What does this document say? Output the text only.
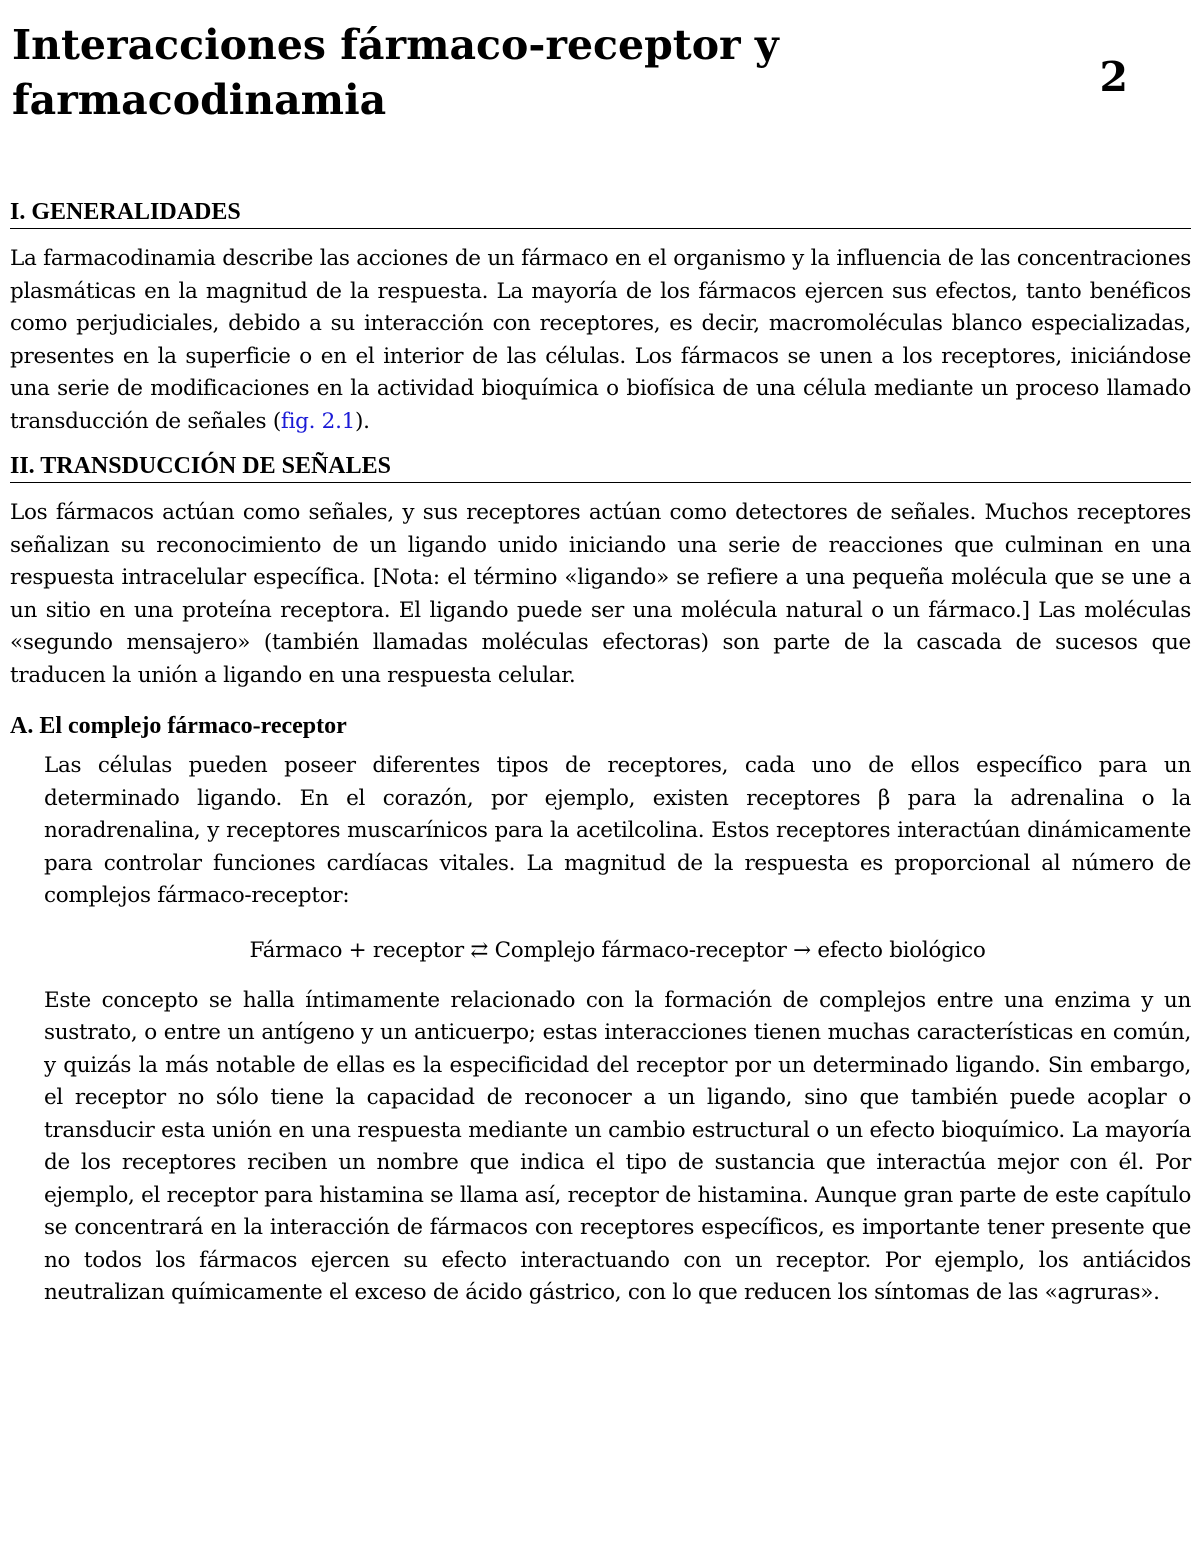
Interacciones fármaco-receptor y farmacodinamia	2
I. GENERALIDADES

La farmacodinamia describe las acciones de un fármaco en el organismo y la influencia de las concentraciones plasmáticas en la magnitud de la respuesta. La mayoría de los fármacos ejercen sus efectos, tanto benéficos como perjudiciales, debido a su interacción con receptores, es decir, macromoléculas blanco especializadas, presentes en la superficie o en el interior de las células. Los fármacos se unen a los receptores, iniciándose una serie de modificaciones en la actividad bioquímica o biofísica de una célula mediante un proceso llamado transducción de señales (fig. 2.1).

II. TRANSDUCCIÓN DE SEÑALES

Los fármacos actúan como señales, y sus receptores actúan como detectores de señales. Muchos receptores señalizan su reconocimiento de un ligando unido iniciando una serie de reacciones que culminan en una respuesta intracelular específica. [Nota: el término «ligando» se refiere a una pequeña molécula que se une a un sitio en una proteína receptora. El ligando puede ser una molécula natural o un fármaco.] Las moléculas «segundo mensajero» (también llamadas moléculas efectoras) son parte de la cascada de sucesos que traducen la unión a ligando en una respuesta celular.

A. El complejo fármaco-receptor

Las células pueden poseer diferentes tipos de receptores, cada uno de ellos específico para un determinado ligando. En el corazón, por ejemplo, existen receptores β para la adrenalina o la noradrenalina, y receptores muscarínicos para la acetilcolina. Estos receptores interactúan dinámicamente para controlar funciones cardíacas vitales. La magnitud de la respuesta es proporcional al número de complejos fármaco-receptor:

Fármaco + receptor ⇄ Complejo fármaco-receptor → efecto biológico

Este concepto se halla íntimamente relacionado con la formación de complejos entre una enzima y un sustrato, o entre un antígeno y un anticuerpo; estas interacciones tienen muchas características en común, y quizás la más notable de ellas es la especificidad del receptor por un determinado ligando. Sin embargo, el receptor no sólo tiene la capacidad de reconocer a un ligando, sino que también puede acoplar o transducir esta unión en una respuesta mediante un cambio estructural o un efecto bioquímico. La mayoría de los receptores reciben un nombre que indica el tipo de sustancia que interactúa mejor con él. Por ejemplo, el receptor para histamina se llama así, receptor de histamina. Aunque gran parte de este capítulo se concentrará en la interacción de fármacos con receptores específicos, es importante tener presente que no todos los fármacos ejercen su efecto interactuando con un receptor. Por ejemplo, los antiácidos neutralizan químicamente el exceso de ácido gástrico, con lo que reducen los síntomas de las «agruras».
